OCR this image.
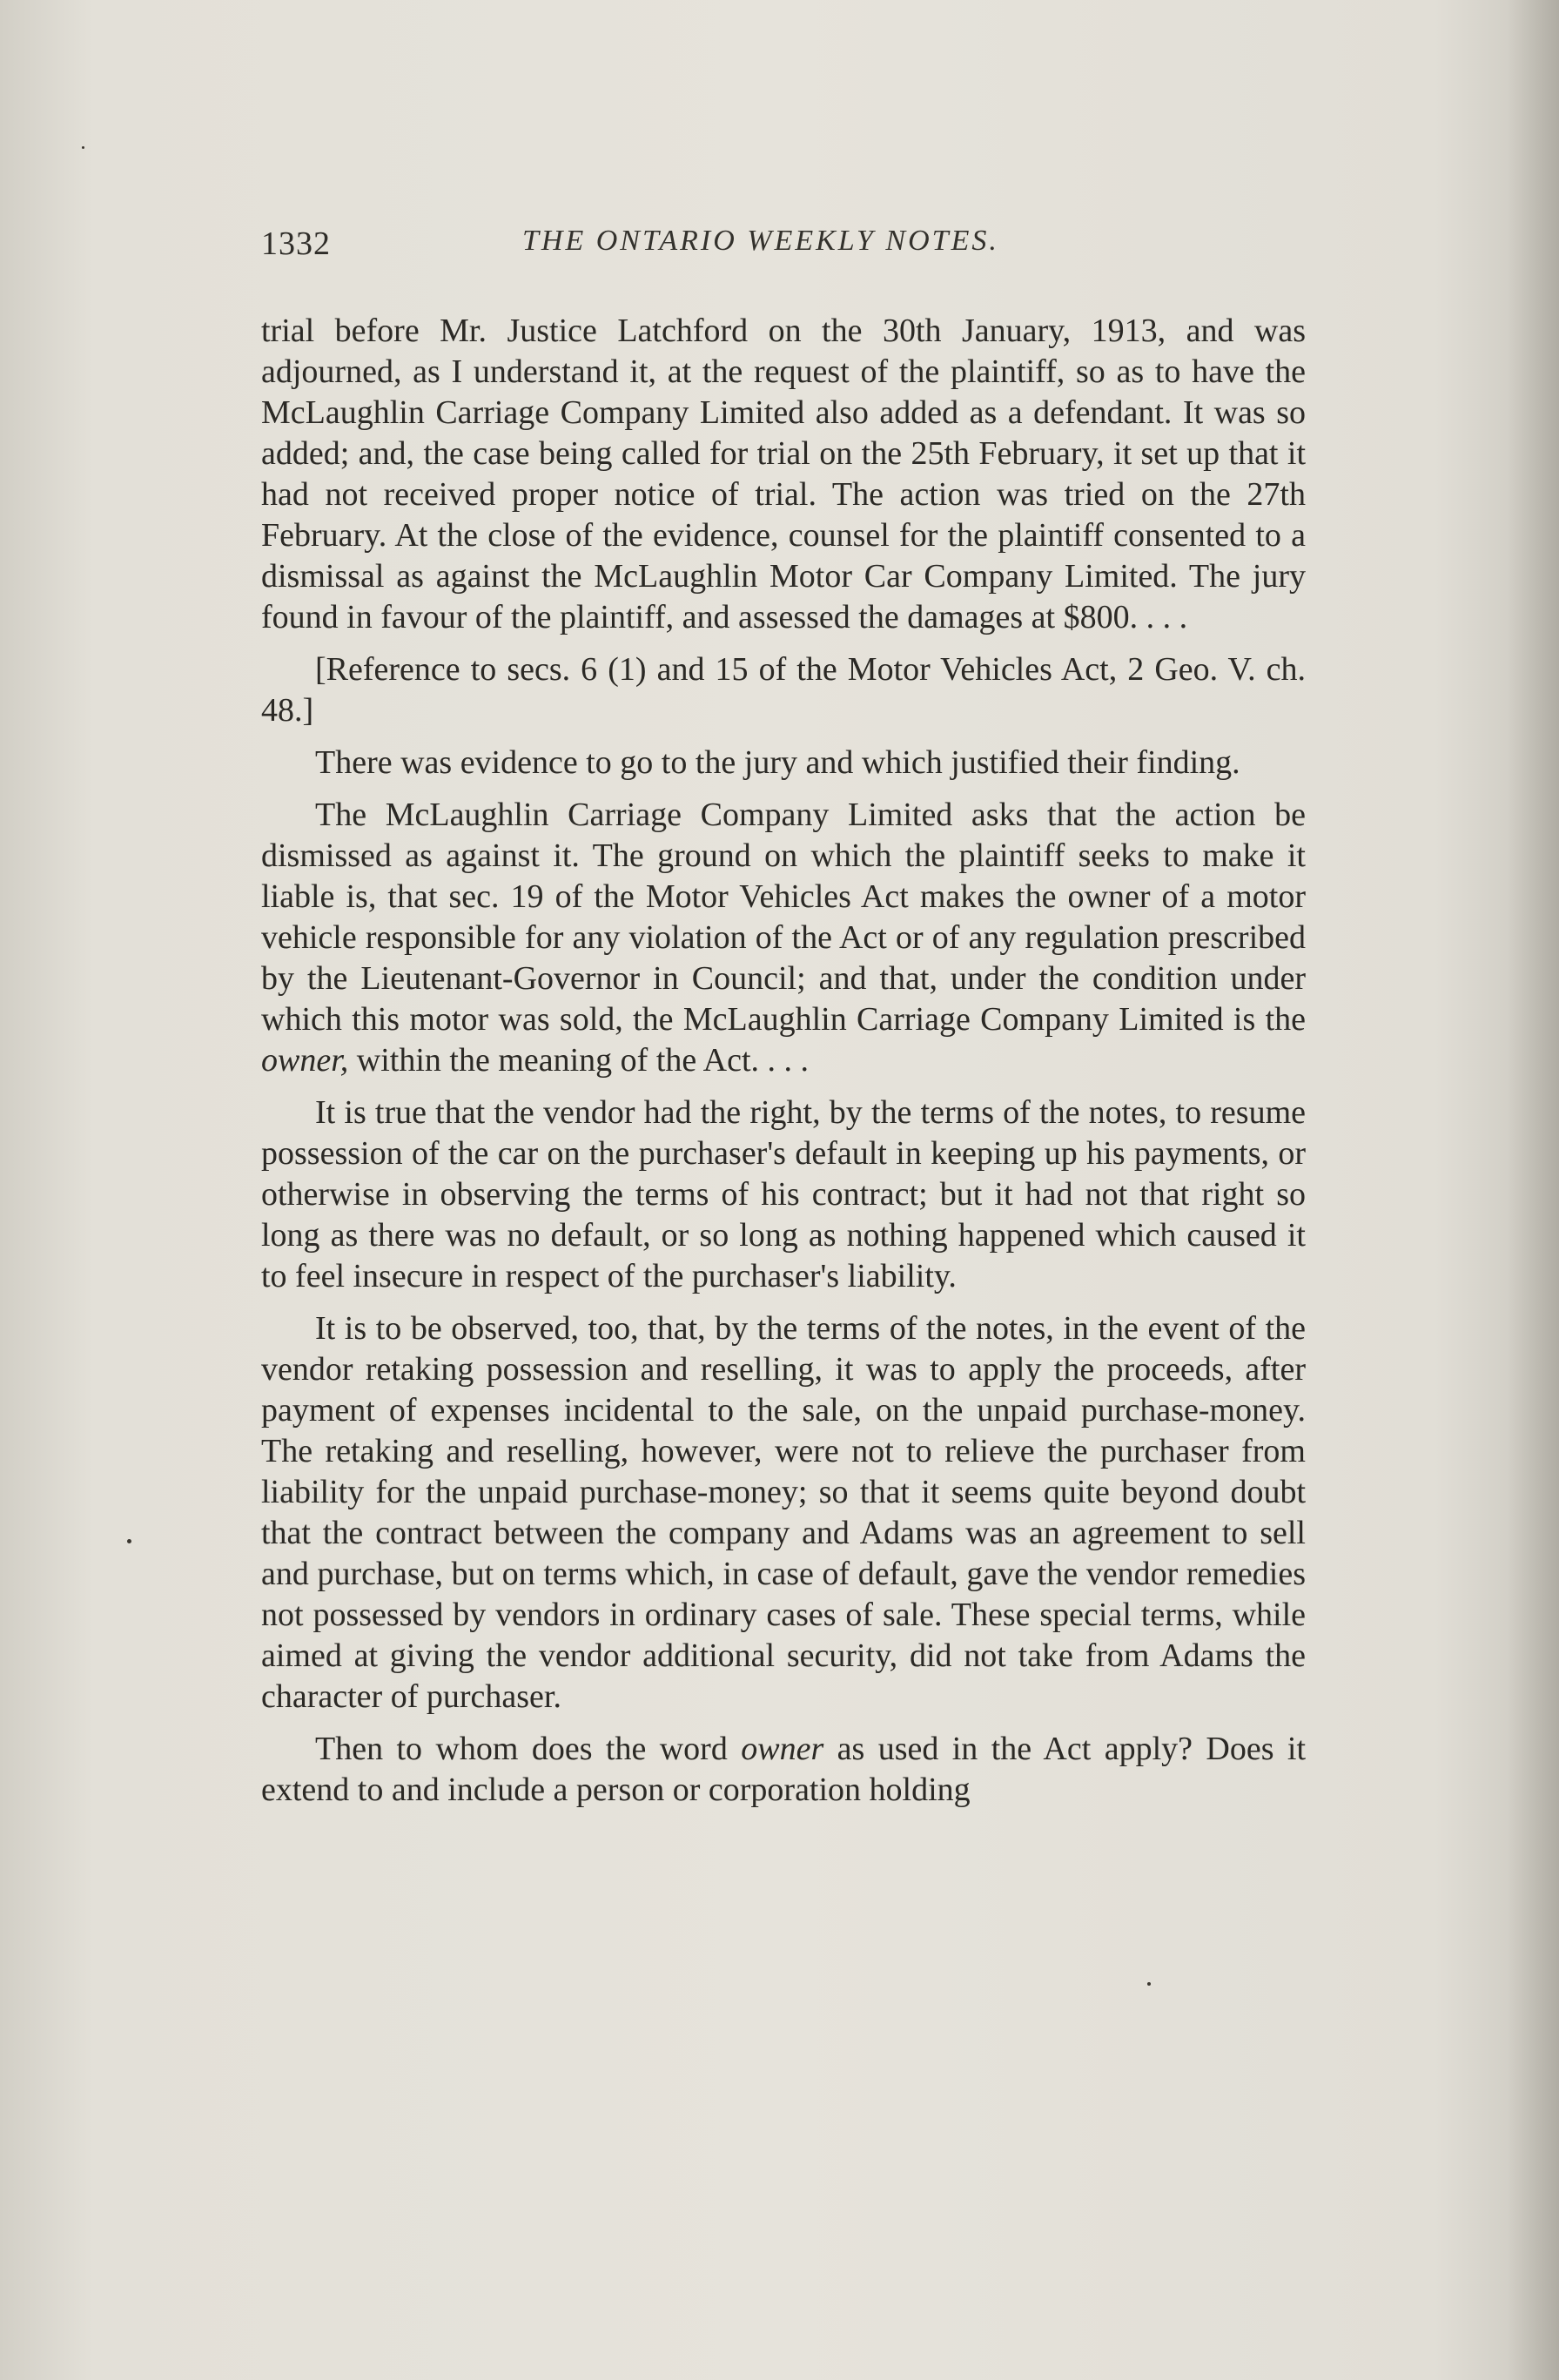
1332	THE ONTARIO WEEKLY NOTES.

trial before Mr. Justice Latchford on the 30th January, 1913, and was adjourned, as I understand it, at the request of the plaintiff, so as to have the McLaughlin Carriage Company Limited also added as a defendant. It was so added; and, the case being called for trial on the 25th February, it set up that it had not received proper notice of trial. The action was tried on the 27th February. At the close of the evidence, counsel for the plaintiff consented to a dismissal as against the McLaughlin Motor Car Company Limited. The jury found in favour of the plaintiff, and assessed the damages at $800. . . .

[Reference to secs. 6 (1) and 15 of the Motor Vehicles Act, 2 Geo. V. ch. 48.]

There was evidence to go to the jury and which justified their finding.

The McLaughlin Carriage Company Limited asks that the action be dismissed as against it. The ground on which the plaintiff seeks to make it liable is, that sec. 19 of the Motor Vehicles Act makes the owner of a motor vehicle responsible for any violation of the Act or of any regulation prescribed by the Lieutenant-Governor in Council; and that, under the condition under which this motor was sold, the McLaughlin Carriage Company Limited is the owner, within the meaning of the Act. . . .

It is true that the vendor had the right, by the terms of the notes, to resume possession of the car on the purchaser's default in keeping up his payments, or otherwise in observing the terms of his contract; but it had not that right so long as there was no default, or so long as nothing happened which caused it to feel insecure in respect of the purchaser's liability.

It is to be observed, too, that, by the terms of the notes, in the event of the vendor retaking possession and reselling, it was to apply the proceeds, after payment of expenses incidental to the sale, on the unpaid purchase-money. The retaking and reselling, however, were not to relieve the purchaser from liability for the unpaid purchase-money; so that it seems quite beyond doubt that the contract between the company and Adams was an agreement to sell and purchase, but on terms which, in case of default, gave the vendor remedies not possessed by vendors in ordinary cases of sale. These special terms, while aimed at giving the vendor additional security, did not take from Adams the character of purchaser.

Then to whom does the word owner as used in the Act apply? Does it extend to and include a person or corporation holding
